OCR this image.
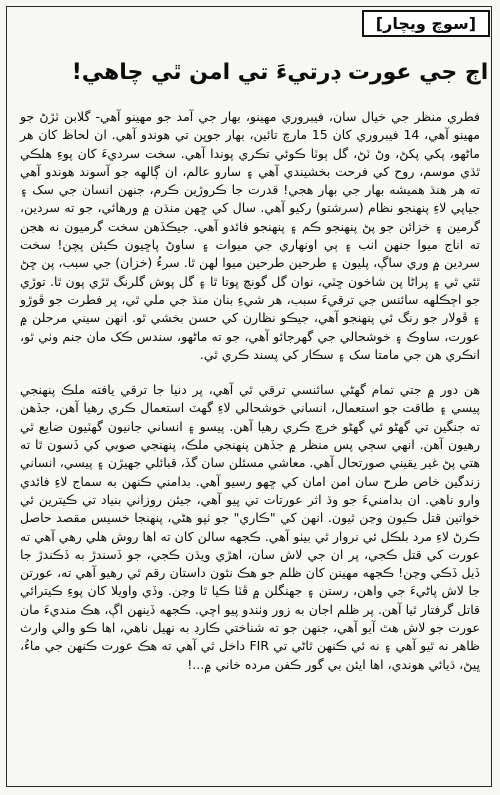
[سوچ ويچار]
اڄ جي عورت ڊرتيءَ تي امن ٿي چاهي!

فطري منظر جي خيال سان، فيبروري مهينو، بهار جي آمد جو مهينو آهي- گلابن ٽڙڻ جو مهينو آهي، 14 فيبروري کان 15 مارچ تائين، بهار جوڀن تي هوندو آهي. ان لحاظ کان هر ماڻهو، پکي پکڻ، وڻ ٽڻ، گل ٻوٽا ڪوئي تڪري پوندا آهي. سخت سرديءَ کان پوءِ هلڪي ٿڌي موسم، روح کي فرحت بخشيندي آهي ۽ سارو عالم، ان ڳالهه جو آسوند هوندو آهي ته هر هنڌ هميشه بهار جي بهار هجي! قدرت جا ڪروڙين ڪرم، جنهن انسان جي سک ۽ جياپي لاءِ پنهنجو نظام (سرشتو) رکيو آهي. سال کي ڇهن منڌن ۾ ورهائي، جو ته سردين، گرمين ۽ خزائن جو پڻ پنهنجو ڪم ۽ پنهنجو فائدو آهي. جيڪڏهن سخت گرميون نه هجن ته اناج ميوا جنهن انب ۽ ٻي اونهاري جي ميوات ۽ ساوڻ پاڇيون ڪيئن پچن! سخت سردين ۾ وري ساڳ، پليون ۽ طرحين طرحين ميوا لهن ٿا. سرءُ (خزان) جي سبب، پن ڇڻ ٿئي ٿي ۽ پراڻا پن شاخون ڇٽي، نوان گل گونچ پوتا ٿا ۽ گل پوش گلرنگ ٿڙي پون ٿا. توڙي جو اڄڪلهه سائنس جي ترقيءَ سبب، هر شيءِ بنان منڌ جي ملي ٿي، پر فطرت جو ڦوڙو ۽ ڦولار جو رنگ ئي پنهنجو آهي، جيڪو نظارن کي حسن بخشي ٿو. انهن سيني مرحلن ۾ عورت، ساوڪ ۽ خوشحالي جي گهرجائو آهي، جو ته ماڻهو، سندس ڪک مان جنم وٺي ٿو، انڪري هن جي مامتا سک ۽ سڪار کي پسند ڪري ٿي.

هن دور ۾ جتي تمام گهڻي سائنسي ترقي ٿي آهي، پر دنيا جا ترقي يافته ملڪ پنهنجي پيسي ۽ طاقت جو استعمال، انساني خوشحالي لاءِ گهٽ استعمال ڪري رهيا آهن، جڏهن ته جنگين تي گهڻو ئي گهڻو خرچ ڪري رهيا آهن. پيسو ۽ انساني جانيون گهٽيون ضايع ٿي رهيون آهن. انهي سڄي پس منظر ۾ جڏهن پنهنجي ملڪ، پنهنجي صوبي کي ڏسون ٿا ته هتي پڻ غير يقيني صورتحال آهي. معاشي مسئلن سان گڏ، قبائلي جهيڙن ۽ پيسي، انساني زندگين خاص طرح سان امن امان کي ڇهو رسيو آهي. بدامني ڪنهن به سماج لاءِ فائدي وارو ناهي. ان بدامنيءَ جو وڌ اثر عورتات تي پيو آهي، جيئن روزاني بنياد تي ڪيترين ئي خواتين قتل ڪيون وڃن ٿيون. انهن کي "ڪاري" جو ٺپو هڻي، پنهنجا خسيس مقصد حاصل ڪرڻ لاءِ مرد بلڪل ئي نروار ٿي بيٺو آهي. ڪجهه سالن کان ته اها روش هلي رهي آهي ته عورت کي قتل ڪجي، پر ان جي لاش سان، اهڙي ويڌن ڪجي، جو ڏسندڙ به ڏڪندڙ جا ڏيل ڏڪي وڃن! ڪجهه مهينن کان ظلم جو هڪ نئون داستان رقم ٿي رهيو آهي ته، عورتن جا لاش پاڻيءَ جي واهن، رستن ۽ جهنگلن ۾ ڦٽا ڪيا ٿا وڃن. وڏي واويلا کان پوءِ ڪيترائي قاتل گرفتار ٿيا آهن. پر ظلم اجان به زور وٺندو پيو اچي. ڪجهه ڏينهن اڳ، هڪ منديءَ مان عورت جو لاش هٿ آيو آهي، جنهن جو ته شناختي ڪارڊ به نهيل ناهي، اها ڪو والي وارث ظاهر نه ٿيو آهي ۽ نه ئي ڪنهن ٿاڻي تي FIR داخل ٿي آهي ته هڪ عورت ڪنهن جي ماءُ، ڀيڻ، ڌيائي هوندي، اها ايئن بي گور ڪفن مرده خاني ۾...!
